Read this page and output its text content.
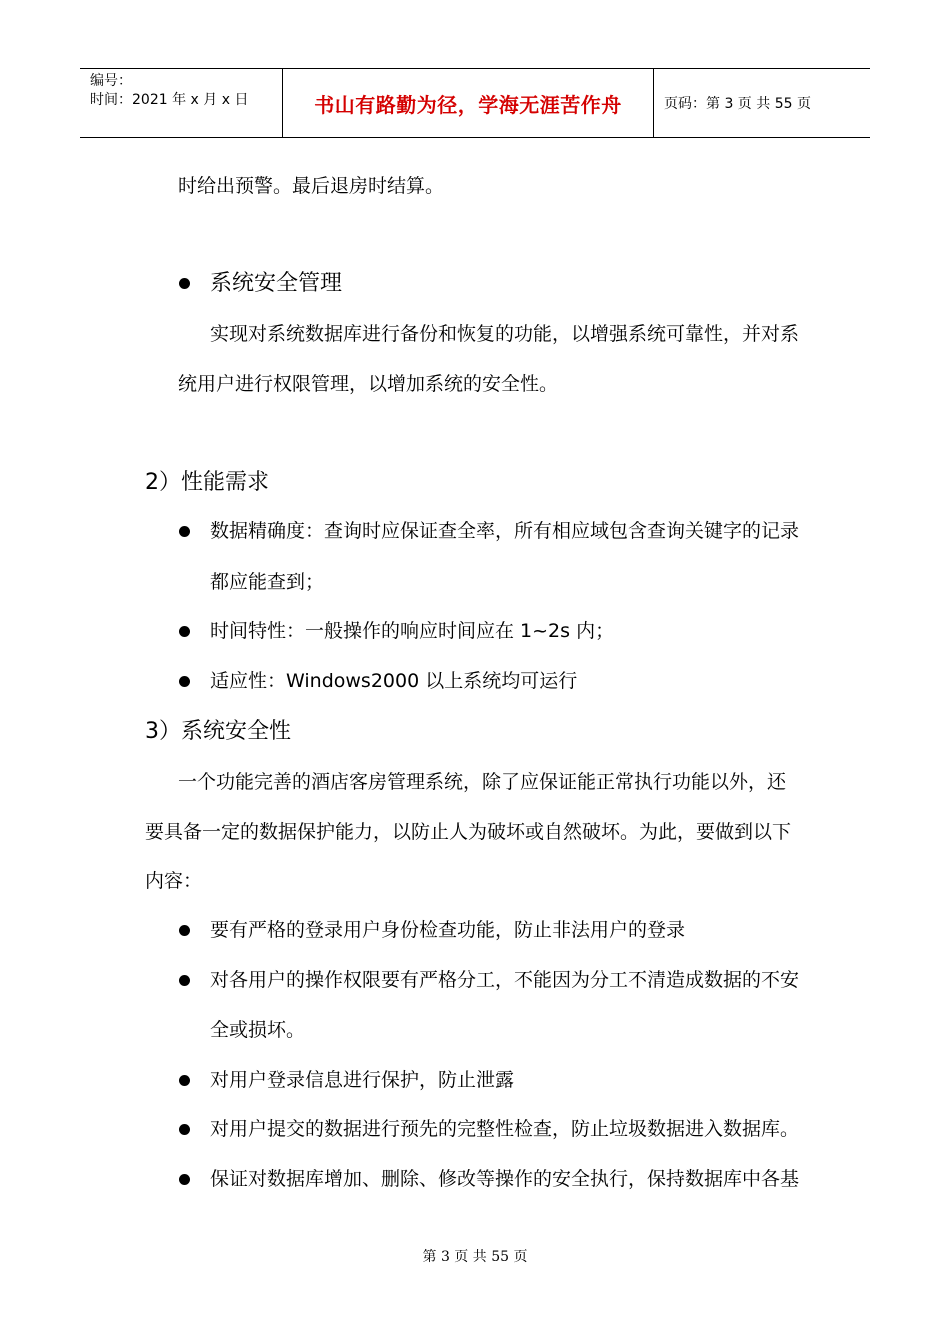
编号：
时间：2021 年 x 月 x 日	书山有路勤为径，学海无涯苦作舟	页码：第 3 页 共 55 页
时给出预警。最后退房时结算。
系统安全管理
实现对系统数据库进行备份和恢复的功能，以增强系统可靠性，并对系
统用户进行权限管理，以增加系统的安全性。
2）性能需求
数据精确度：查询时应保证查全率，所有相应域包含查询关键字的记录
都应能查到；
时间特性：一般操作的响应时间应在 1~2s 内；
适应性：Windows2000 以上系统均可运行
3）系统安全性
一个功能完善的酒店客房管理系统，除了应保证能正常执行功能以外，还
要具备一定的数据保护能力，以防止人为破坏或自然破坏。为此，要做到以下
内容：
要有严格的登录用户身份检查功能，防止非法用户的登录
对各用户的操作权限要有严格分工，不能因为分工不清造成数据的不安
全或损坏。
对用户登录信息进行保护，防止泄露
对用户提交的数据进行预先的完整性检查，防止垃圾数据进入数据库。
保证对数据库增加、删除、修改等操作的安全执行，保持数据库中各基
第 3 页 共 55 页
